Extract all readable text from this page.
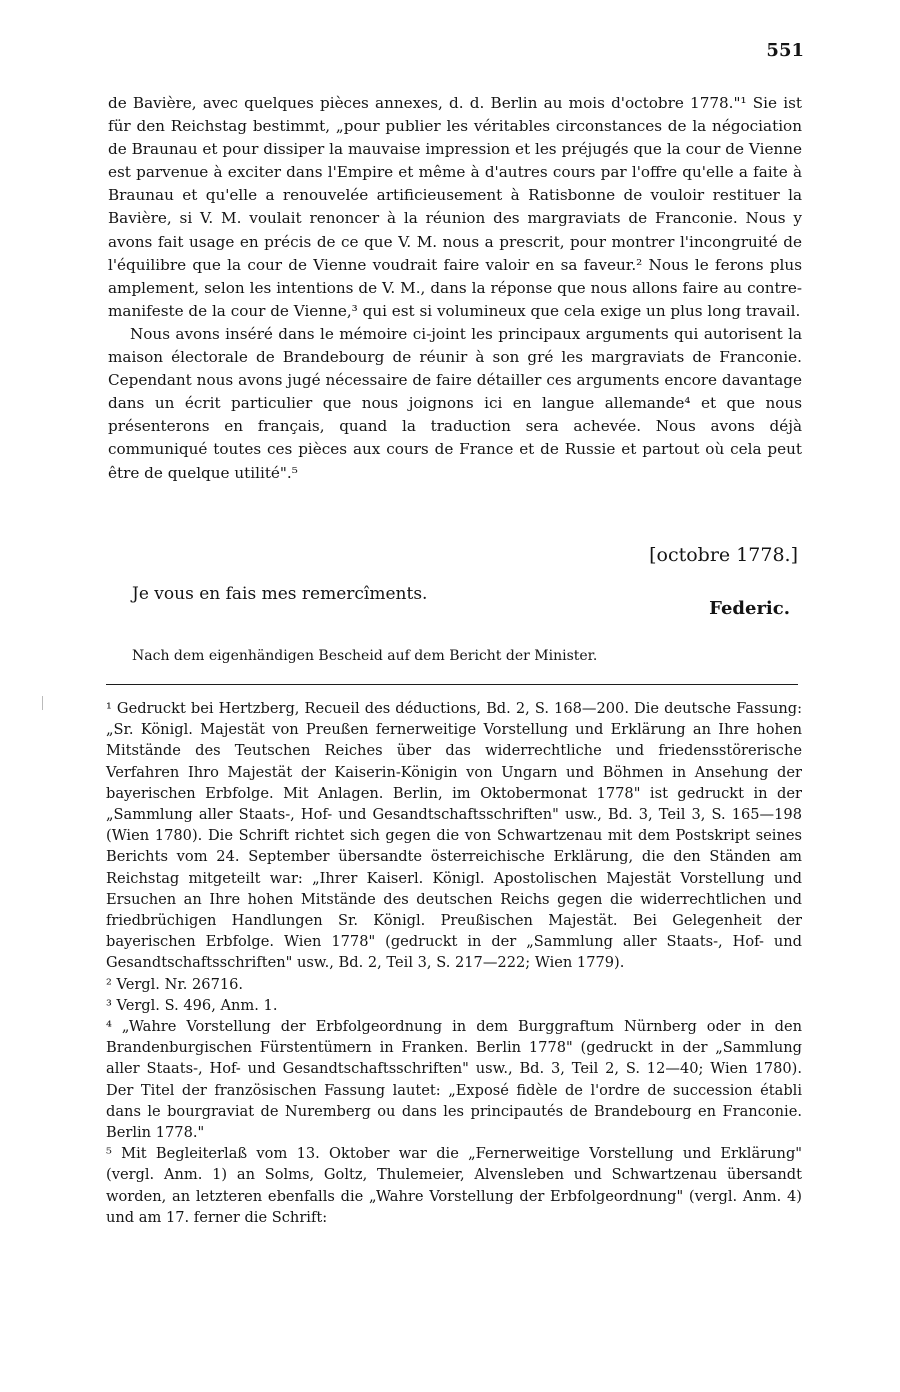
551

de Bavière, avec quelques pièces annexes, d. d. Berlin au mois d'octobre 1778."¹ Sie ist für den Reichstag bestimmt, „pour publier les véritables circonstances de la négociation de Braunau et pour dissiper la mauvaise impression et les préjugés que la cour de Vienne est parvenue à exciter dans l'Empire et même à d'autres cours par l'offre qu'elle a faite à Braunau et qu'elle a renouvelée artificieusement à Ratisbonne de vouloir restituer la Bavière, si V. M. voulait renoncer à la réunion des margraviats de Franconie. Nous y avons fait usage en précis de ce que V. M. nous a prescrit, pour montrer l'incongruité de l'équilibre que la cour de Vienne voudrait faire valoir en sa faveur.² Nous le ferons plus amplement, selon les intentions de V. M., dans la réponse que nous allons faire au contre-manifeste de la cour de Vienne,³ qui est si volumineux que cela exige un plus long travail.

Nous avons inséré dans le mémoire ci-joint les principaux arguments qui autorisent la maison électorale de Brandebourg de réunir à son gré les margraviats de Franconie. Cependant nous avons jugé nécessaire de faire détailler ces arguments encore davantage dans un écrit particulier que nous joignons ici en langue allemande⁴ et que nous présenterons en français, quand la traduction sera achevée. Nous avons déjà communiqué toutes ces pièces aux cours de France et de Russie et partout où cela peut être de quelque utilité".⁵

[octobre 1778.]
Je vous en fais mes remercîments.
Federic.
Nach dem eigenhändigen Bescheid auf dem Bericht der Minister.

¹ Gedruckt bei Hertzberg, Recueil des déductions, Bd. 2, S. 168—200. Die deutsche Fassung: „Sr. Königl. Majestät von Preußen fernerweitige Vorstellung und Erklärung an Ihre hohen Mitstände des Teutschen Reiches über das widerrechtliche und friedensstörerische Verfahren Ihro Majestät der Kaiserin-Königin von Ungarn und Böhmen in Ansehung der bayerischen Erbfolge. Mit Anlagen. Berlin, im Oktobermonat 1778" ist gedruckt in der „Sammlung aller Staats-, Hof- und Gesandtschaftsschriften" usw., Bd. 3, Teil 3, S. 165—198 (Wien 1780). Die Schrift richtet sich gegen die von Schwartzenau mit dem Postskript seines Berichts vom 24. September übersandte österreichische Erklärung, die den Ständen am Reichstag mitgeteilt war: „Ihrer Kaiserl. Königl. Apostolischen Majestät Vorstellung und Ersuchen an Ihre hohen Mitstände des deutschen Reichs gegen die widerrechtlichen und friedbrüchigen Handlungen Sr. Königl. Preußischen Majestät. Bei Gelegenheit der bayerischen Erbfolge. Wien 1778" (gedruckt in der „Sammlung aller Staats-, Hof- und Gesandtschaftsschriften" usw., Bd. 2, Teil 3, S. 217—222; Wien 1779).

² Vergl. Nr. 26716.

³ Vergl. S. 496, Anm. 1.

⁴ „Wahre Vorstellung der Erbfolgeordnung in dem Burggraftum Nürnberg oder in den Brandenburgischen Fürstentümern in Franken. Berlin 1778" (gedruckt in der „Sammlung aller Staats-, Hof- und Gesandtschaftsschriften" usw., Bd. 3, Teil 2, S. 12—40; Wien 1780). Der Titel der französischen Fassung lautet: „Exposé fidèle de l'ordre de succession établi dans le bourgraviat de Nuremberg ou dans les principautés de Brandebourg en Franconie. Berlin 1778."

⁵ Mit Begleiterlaß vom 13. Oktober war die „Fernerweitige Vorstellung und Erklärung" (vergl. Anm. 1) an Solms, Goltz, Thulemeier, Alvensleben und Schwartzenau übersandt worden, an letzteren ebenfalls die „Wahre Vorstellung der Erbfolgeordnung" (vergl. Anm. 4) und am 17. ferner die Schrift:
